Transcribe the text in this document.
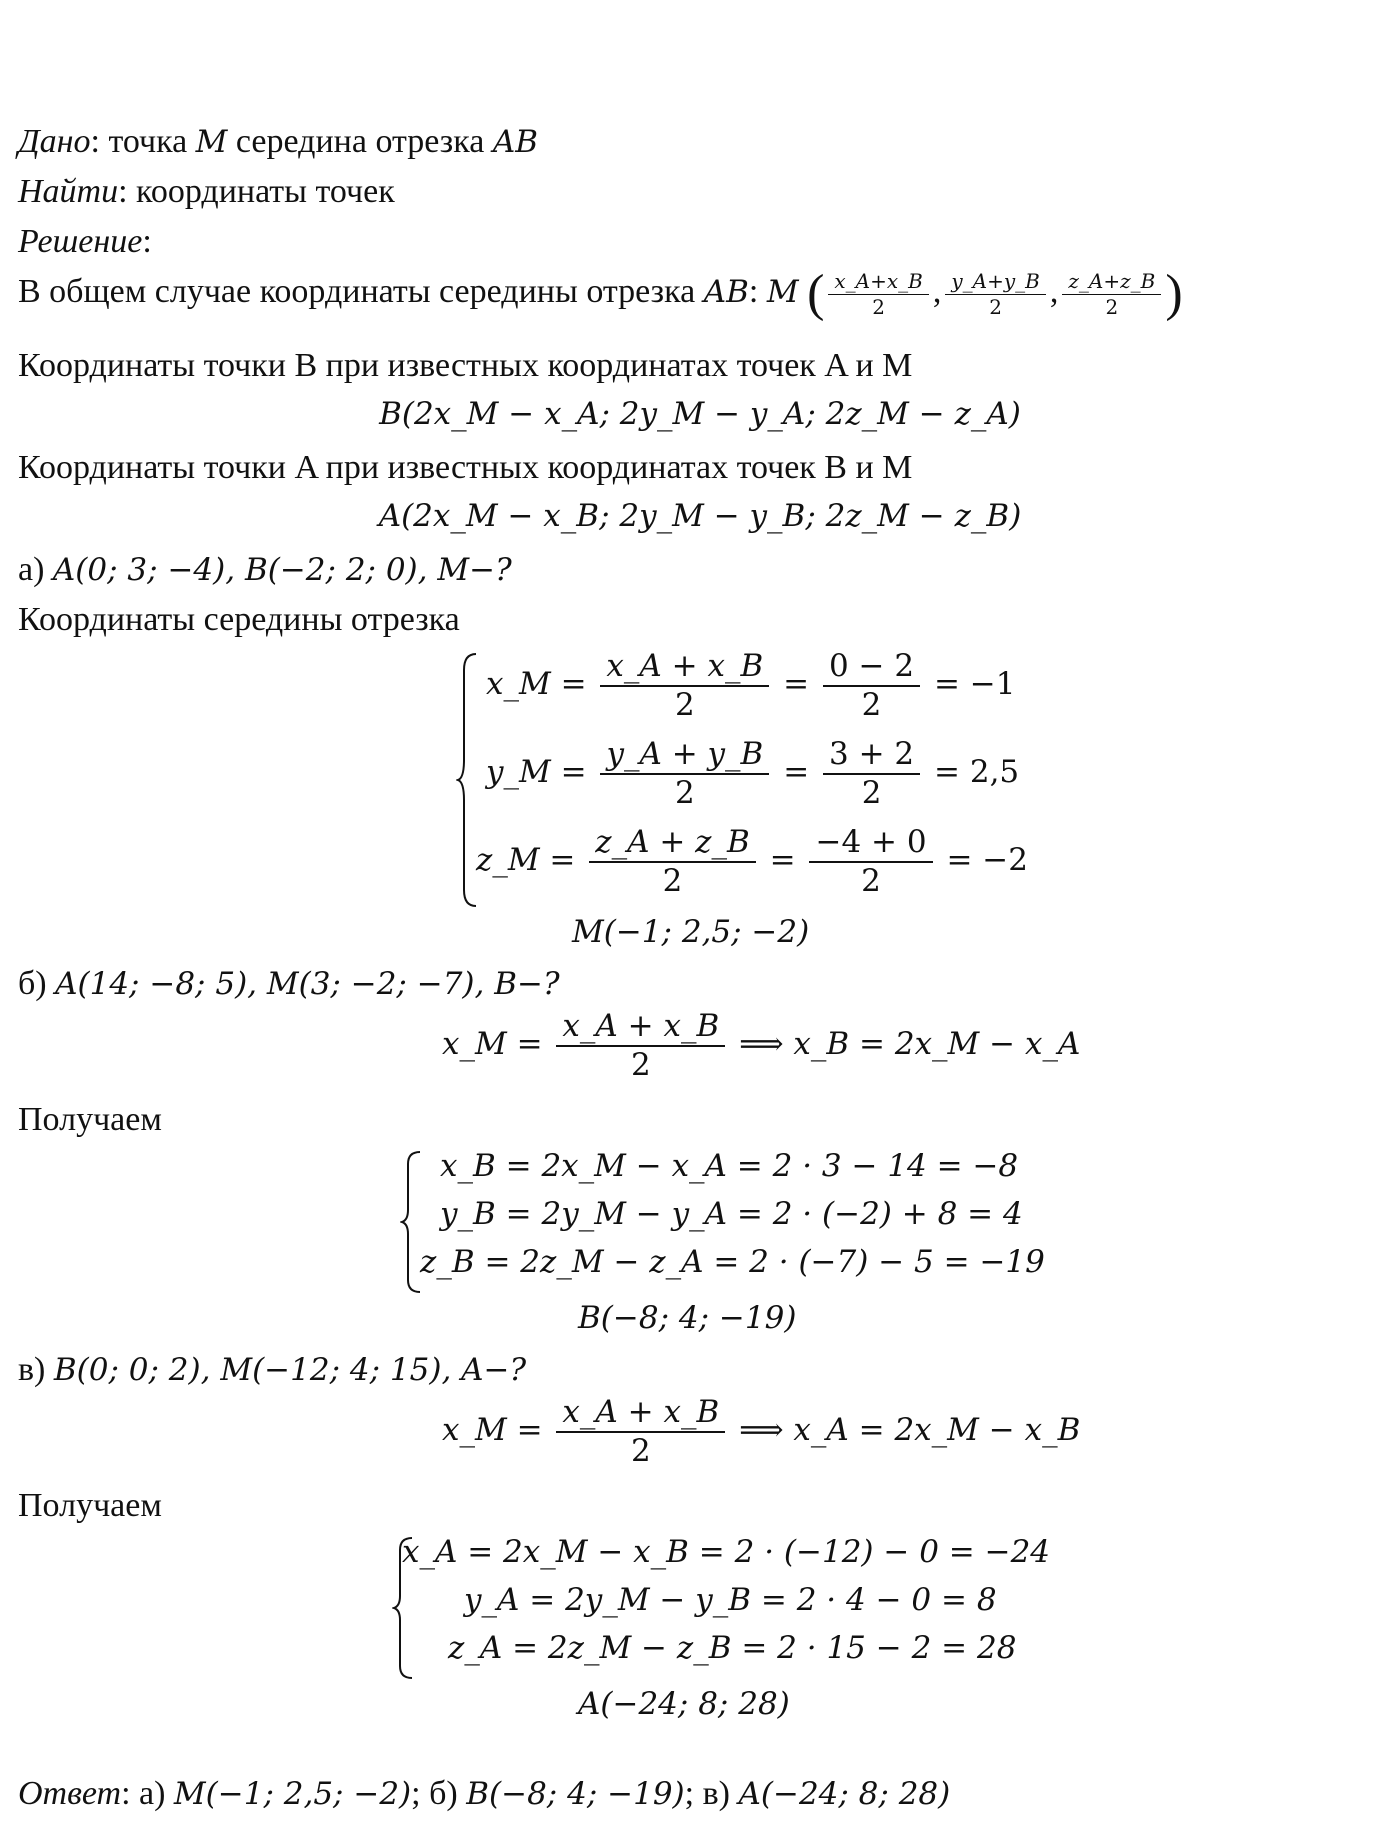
Дано: точка M середина отрезка AB
Найти: координаты точек
Решение:
В общем случае координаты середины отрезка AB: M ( $\frac{x\_A+x\_B}{2}$ , $\frac{y\_A+y\_B}{2}$ , $\frac{z\_A+z\_B}{2}$ )
Координаты точки B при известных координатах точек A и M
B(2x_M − x_A; 2y_M − y_A; 2z_M − z_A)
Координаты точки A при известных координатах точек B и M
A(2x_M − x_B; 2y_M − y_B; 2z_M − z_B)
а) A(0; 3; −4), B(−2; 2; 0), M−?
Координаты середины отрезка
x_M = $\frac{x\_A + x\_B}{2} = \frac{0 - 2}{2} = -1$
y_M = $\frac{y\_A + y\_B}{2} = \frac{3 + 2}{2} = 2,5$
z_M = $\frac{z\_A + z\_B}{2} = \frac{-4 + 0}{2} = -2$
M(−1; 2,5; −2)
б) A(14; −8; 5), M(3; −2; −7), B−?
x_M = $\frac{x\_A + x\_B}{2}$ ⟹ x_B = 2x_M − x_A
Получаем
x_B = 2x_M − x_A = 2 · 3 − 14 = −8
y_B = 2y_M − y_A = 2 · (−2) + 8 = 4
z_B = 2z_M − z_A = 2 · (−7) − 5 = −19
B(−8; 4; −19)
в) B(0; 0; 2), M(−12; 4; 15), A−?
x_M = $\frac{x\_A + x\_B}{2}$ ⟹ x_A = 2x_M − x_B
Получаем
x_A = 2x_M − x_B = 2 · (−12) − 0 = −24
y_A = 2y_M − y_B = 2 · 4 − 0 = 8
z_A = 2z_M − z_B = 2 · 15 − 2 = 28
A(−24; 8; 28)
Ответ: а) M(−1; 2,5; −2); б) B(−8; 4; −19); в) A(−24; 8; 28)
